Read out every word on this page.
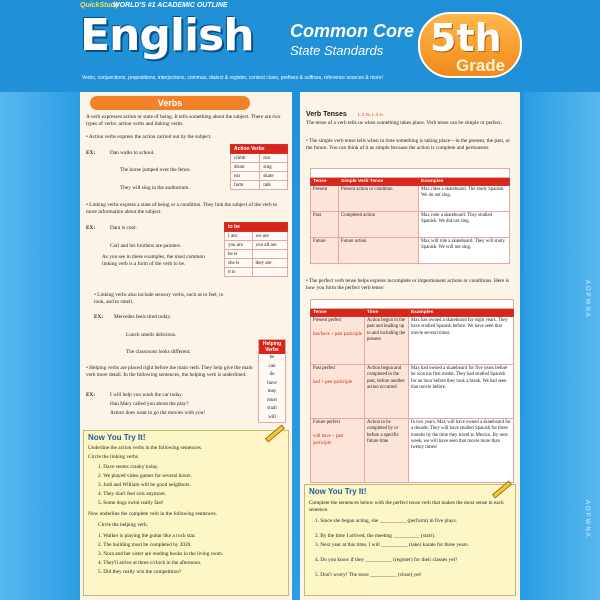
AOPWNA
AOPWNA
QuickStudy
WORLD'S #1 ACADEMIC OUTLINE
English Common Core
State Standards 5th
Grade
Verbs, conjunctions, prepositions, interjections, commas, dialect & register, context clues, prefixes & suffixes, reference sources & more!
Verbs
A verb expresses action or state of being. It tells something about the subject. There are two types of verbs: action verbs and linking verbs.
• Action verbs express the action carried out by the subject.
EX:	Dan walks to school.
The horse jumped over the fence.
They will sing in the auditorium.
Action Verbs	
climb	run
drum	sing
eat	skate
farm	talk
• Linking verbs express a state of being or a condition. They link the subject of the verb to more information about the subject.
EX:	Dara is cool.
Carl and his brothers are painters.
As you see in these examples, the most common linking verb is a form of the verb to be.
to be	
I am	we are
you are	you all are
he is	
she is	they are
it is	
• Linking verbs also include sensory verbs, such as to feel, to look, and to smell.
EX: Mercedes feels tired today.
Lunch smells delicious.
The classroom looks different.
Helping Verbs
be
can
do
have
may
must
shall
will
• Helping verbs are placed right before the main verb. They help give the main verb more detail. In the following sentences, the helping verb is underlined.
EX:	I will help you wash the car today.
Han Mary called you about the play?
Arturo does want to go the movies with you!
Now You Try It!
Underline the action verbs in the following sentences.
Circle the linking verbs.
1. Dave seems cranky today.
2. We played video games for several hours.
3. Jodi and William will be good neighbors.
4. They don't feel sick anymore.
5. Some dogs swim really fast!
Now underline the complete verb in the following sentences.
Circle the helping verb.
1. Walker is playing the guitar like a rock star.
2. The building must be completed by 2020.
3. Nora and her sister are reading books in the living room.
4. They'll arrive at three o'clock in the afternoon.
5. Did they really win the competition?
Verb Tenses	L.5.1b, L.5.1c
The tense of a verb tells us when something takes place. Verb tense can be simple or perfect.
• The simple verb tense tells when in time something is taking place—in the present, the past, or the future. You can think of it as simple because the action is complete and permanent.
Simple Verb Tenses		
Tense	Simple Verb Tense	Examples
Present	Present action or condition	Max rides a skateboard. The study Spanish. We do not sing.
Past	Completed action	Max rode a skateboard. They studied Spanish. We did not sing.
Future	Future action	Max will ride a skateboard. They will study Spanish. We will not sing.
• The perfect verb tense helps express incomplete or impermanent actions or conditions. Here is how you form the perfect verb tense:
Perfect Verb Tenses		
Tense	Time	Examples

Present perfect
has/have + past participle	Action begun in the past and leading up to and including the present	Max has owned a skateboard for eight years. They have studied Spanish before. We have seen that movie several times.

Past perfect
had + past participle	Action begun and completed in the past, before another action occurred	Max had owned a skateboard for five years before he won his first medal. They had studied Spanish for an hour before they took a break. We had seen that movie before.

Future perfect
will have + past participle	Action to be completed by or before a specific future time	In two years, Max will have owned a skateboard for a decade. They will have studied Spanish for three months by the time they travel to Mexico. By next week, we will have seen that movie more than twenty times!
Now You Try It!
Complete the sentences below with the perfect tense verb that makes the most sense in each sentence.
1. Since she began acting, she __________ (perform) in five plays.
2. By the time I arrived, the meeting __________ (start).
3. Next year at this time, I will __________ (take) karate for three years.
4. Do you know if they __________ (register) for their classes yet?
5. Don't worry! The store __________ (close) yet!
